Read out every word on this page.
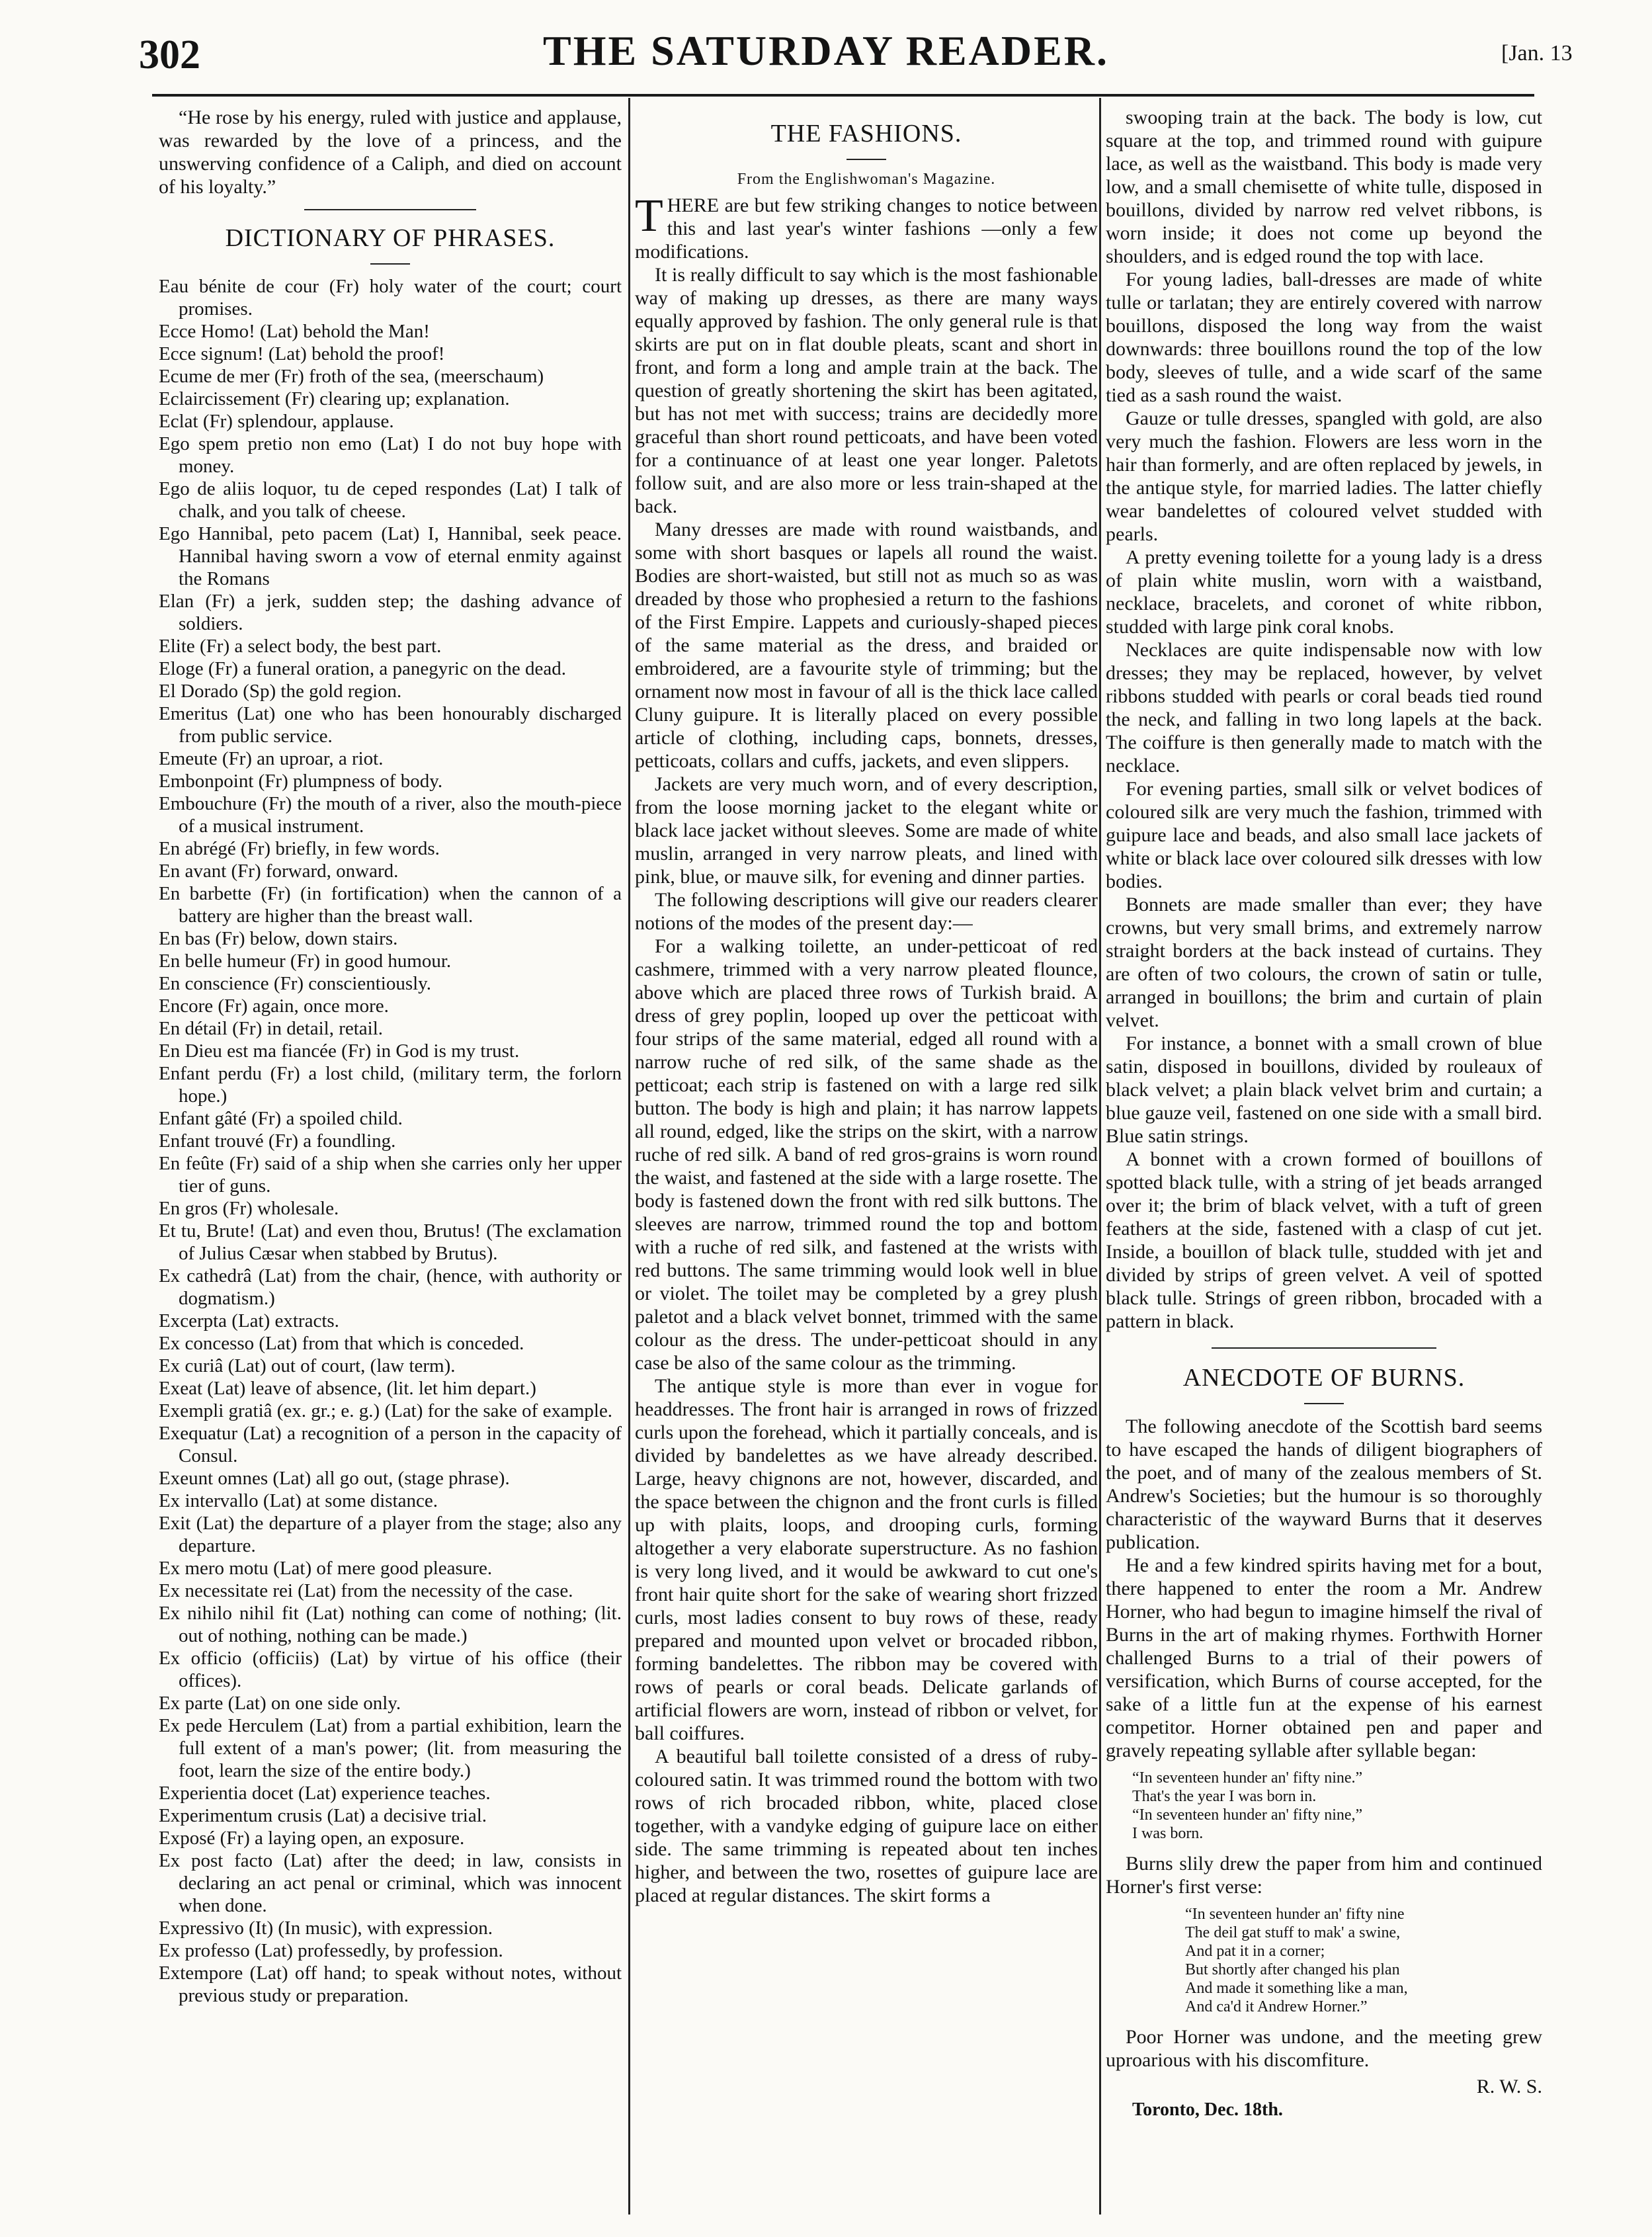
302	THE SATURDAY READER.	[Jan. 13

“He rose by his energy, ruled with justice and applause, was rewarded by the love of a princess, and the unswerving confidence of a Caliph, and died on account of his loyalty.”

DICTIONARY OF PHRASES.

Eau bénite de cour (Fr) holy water of the court; court promises.

Ecce Homo! (Lat) behold the Man!

Ecce signum! (Lat) behold the proof!

Ecume de mer (Fr) froth of the sea, (meerschaum)

Eclaircissement (Fr) clearing up; explanation.

Eclat (Fr) splendour, applause.

Ego spem pretio non emo (Lat) I do not buy hope with money.

Ego de aliis loquor, tu de ceped respondes (Lat) I talk of chalk, and you talk of cheese.

Ego Hannibal, peto pacem (Lat) I, Hannibal, seek peace. Hannibal having sworn a vow of eternal enmity against the Romans

Elan (Fr) a jerk, sudden step; the dashing advance of soldiers.

Elite (Fr) a select body, the best part.

Eloge (Fr) a funeral oration, a panegyric on the dead.

El Dorado (Sp) the gold region.

Emeritus (Lat) one who has been honourably discharged from public service.

Emeute (Fr) an uproar, a riot.

Embonpoint (Fr) plumpness of body.

Embouchure (Fr) the mouth of a river, also the mouth-piece of a musical instrument.

En abrégé (Fr) briefly, in few words.

En avant (Fr) forward, onward.

En barbette (Fr) (in fortification) when the cannon of a battery are higher than the breast wall.

En bas (Fr) below, down stairs.

En belle humeur (Fr) in good humour.

En conscience (Fr) conscientiously.

Encore (Fr) again, once more.

En détail (Fr) in detail, retail.

En Dieu est ma fiancée (Fr) in God is my trust.

Enfant perdu (Fr) a lost child, (military term, the forlorn hope.)

Enfant gâté (Fr) a spoiled child.

Enfant trouvé (Fr) a foundling.

En feûte (Fr) said of a ship when she carries only her upper tier of guns.

En gros (Fr) wholesale.

Et tu, Brute! (Lat) and even thou, Brutus! (The exclamation of Julius Cæsar when stabbed by Brutus).

Ex cathedrâ (Lat) from the chair, (hence, with authority or dogmatism.)

Excerpta (Lat) extracts.

Ex concesso (Lat) from that which is conceded.

Ex curiâ (Lat) out of court, (law term).

Exeat (Lat) leave of absence, (lit. let him depart.)

Exempli gratiâ (ex. gr.; e. g.) (Lat) for the sake of example.

Exequatur (Lat) a recognition of a person in the capacity of Consul.

Exeunt omnes (Lat) all go out, (stage phrase).

Ex intervallo (Lat) at some distance.

Exit (Lat) the departure of a player from the stage; also any departure.

Ex mero motu (Lat) of mere good pleasure.

Ex necessitate rei (Lat) from the necessity of the case.

Ex nihilo nihil fit (Lat) nothing can come of nothing; (lit. out of nothing, nothing can be made.)

Ex officio (officiis) (Lat) by virtue of his office (their offices).

Ex parte (Lat) on one side only.

Ex pede Herculem (Lat) from a partial exhibition, learn the full extent of a man's power; (lit. from measuring the foot, learn the size of the entire body.)

Experientia docet (Lat) experience teaches.

Experimentum crusis (Lat) a decisive trial.

Exposé (Fr) a laying open, an exposure.

Ex post facto (Lat) after the deed; in law, consists in declaring an act penal or criminal, which was innocent when done.

Expressivo (It) (In music), with expression.

Ex professo (Lat) professedly, by profession.

Extempore (Lat) off hand; to speak without notes, without previous study or preparation.

THE FASHIONS.
From the Englishwoman's Magazine.

THERE are but few striking changes to notice between this and last year's winter fashions —only a few modifications.

It is really difficult to say which is the most fashionable way of making up dresses, as there are many ways equally approved by fashion. The only general rule is that skirts are put on in flat double pleats, scant and short in front, and form a long and ample train at the back. The question of greatly shortening the skirt has been agitated, but has not met with success; trains are decidedly more graceful than short round petticoats, and have been voted for a continuance of at least one year longer. Paletots follow suit, and are also more or less train-shaped at the back.

Many dresses are made with round waistbands, and some with short basques or lapels all round the waist. Bodies are short-waisted, but still not as much so as was dreaded by those who prophesied a return to the fashions of the First Empire. Lappets and curiously-shaped pieces of the same material as the dress, and braided or embroidered, are a favourite style of trimming; but the ornament now most in favour of all is the thick lace called Cluny guipure. It is literally placed on every possible article of clothing, including caps, bonnets, dresses, petticoats, collars and cuffs, jackets, and even slippers.

Jackets are very much worn, and of every description, from the loose morning jacket to the elegant white or black lace jacket without sleeves. Some are made of white muslin, arranged in very narrow pleats, and lined with pink, blue, or mauve silk, for evening and dinner parties.

The following descriptions will give our readers clearer notions of the modes of the present day:—

For a walking toilette, an under-petticoat of red cashmere, trimmed with a very narrow pleated flounce, above which are placed three rows of Turkish braid. A dress of grey poplin, looped up over the petticoat with four strips of the same material, edged all round with a narrow ruche of red silk, of the same shade as the petticoat; each strip is fastened on with a large red silk button. The body is high and plain; it has narrow lappets all round, edged, like the strips on the skirt, with a narrow ruche of red silk. A band of red gros-grains is worn round the waist, and fastened at the side with a large rosette. The body is fastened down the front with red silk buttons. The sleeves are narrow, trimmed round the top and bottom with a ruche of red silk, and fastened at the wrists with red buttons. The same trimming would look well in blue or violet. The toilet may be completed by a grey plush paletot and a black velvet bonnet, trimmed with the same colour as the dress. The under-petticoat should in any case be also of the same colour as the trimming.

The antique style is more than ever in vogue for headdresses. The front hair is arranged in rows of frizzed curls upon the forehead, which it partially conceals, and is divided by bandelettes as we have already described. Large, heavy chignons are not, however, discarded, and the space between the chignon and the front curls is filled up with plaits, loops, and drooping curls, forming altogether a very elaborate superstructure. As no fashion is very long lived, and it would be awkward to cut one's front hair quite short for the sake of wearing short frizzed curls, most ladies consent to buy rows of these, ready prepared and mounted upon velvet or brocaded ribbon, forming bandelettes. The ribbon may be covered with rows of pearls or coral beads. Delicate garlands of artificial flowers are worn, instead of ribbon or velvet, for ball coiffures.

A beautiful ball toilette consisted of a dress of ruby-coloured satin. It was trimmed round the bottom with two rows of rich brocaded ribbon, white, placed close together, with a vandyke edging of guipure lace on either side. The same trimming is repeated about ten inches higher, and between the two, rosettes of guipure lace are placed at regular distances. The skirt forms a

swooping train at the back. The body is low, cut square at the top, and trimmed round with guipure lace, as well as the waistband. This body is made very low, and a small chemisette of white tulle, disposed in bouillons, divided by narrow red velvet ribbons, is worn inside; it does not come up beyond the shoulders, and is edged round the top with lace.

For young ladies, ball-dresses are made of white tulle or tarlatan; they are entirely covered with narrow bouillons, disposed the long way from the waist downwards: three bouillons round the top of the low body, sleeves of tulle, and a wide scarf of the same tied as a sash round the waist.

Gauze or tulle dresses, spangled with gold, are also very much the fashion. Flowers are less worn in the hair than formerly, and are often replaced by jewels, in the antique style, for married ladies. The latter chiefly wear bandelettes of coloured velvet studded with pearls.

A pretty evening toilette for a young lady is a dress of plain white muslin, worn with a waistband, necklace, bracelets, and coronet of white ribbon, studded with large pink coral knobs.

Necklaces are quite indispensable now with low dresses; they may be replaced, however, by velvet ribbons studded with pearls or coral beads tied round the neck, and falling in two long lapels at the back. The coiffure is then generally made to match with the necklace.

For evening parties, small silk or velvet bodices of coloured silk are very much the fashion, trimmed with guipure lace and beads, and also small lace jackets of white or black lace over coloured silk dresses with low bodies.

Bonnets are made smaller than ever; they have crowns, but very small brims, and extremely narrow straight borders at the back instead of curtains. They are often of two colours, the crown of satin or tulle, arranged in bouillons; the brim and curtain of plain velvet.

For instance, a bonnet with a small crown of blue satin, disposed in bouillons, divided by rouleaux of black velvet; a plain black velvet brim and curtain; a blue gauze veil, fastened on one side with a small bird. Blue satin strings.

A bonnet with a crown formed of bouillons of spotted black tulle, with a string of jet beads arranged over it; the brim of black velvet, with a tuft of green feathers at the side, fastened with a clasp of cut jet. Inside, a bouillon of black tulle, studded with jet and divided by strips of green velvet. A veil of spotted black tulle. Strings of green ribbon, brocaded with a pattern in black.

ANECDOTE OF BURNS.

The following anecdote of the Scottish bard seems to have escaped the hands of diligent biographers of the poet, and of many of the zealous members of St. Andrew's Societies; but the humour is so thoroughly characteristic of the wayward Burns that it deserves publication.

He and a few kindred spirits having met for a bout, there happened to enter the room a Mr. Andrew Horner, who had begun to imagine himself the rival of Burns in the art of making rhymes. Forthwith Horner challenged Burns to a trial of their powers of versification, which Burns of course accepted, for the sake of a little fun at the expense of his earnest competitor. Horner obtained pen and paper and gravely repeating syllable after syllable began:

“In seventeen hunder an' fifty nine.”

That's the year I was born in.

“In seventeen hunder an' fifty nine,”

I was born.

Burns slily drew the paper from him and continued Horner's first verse:

“In seventeen hunder an' fifty nine

The deil gat stuff to mak' a swine,

And pat it in a corner;

But shortly after changed his plan

And made it something like a man,

And ca'd it Andrew Horner.”

Poor Horner was undone, and the meeting grew uproarious with his discomfiture.

R. W. S.

Toronto, Dec. 18th.
